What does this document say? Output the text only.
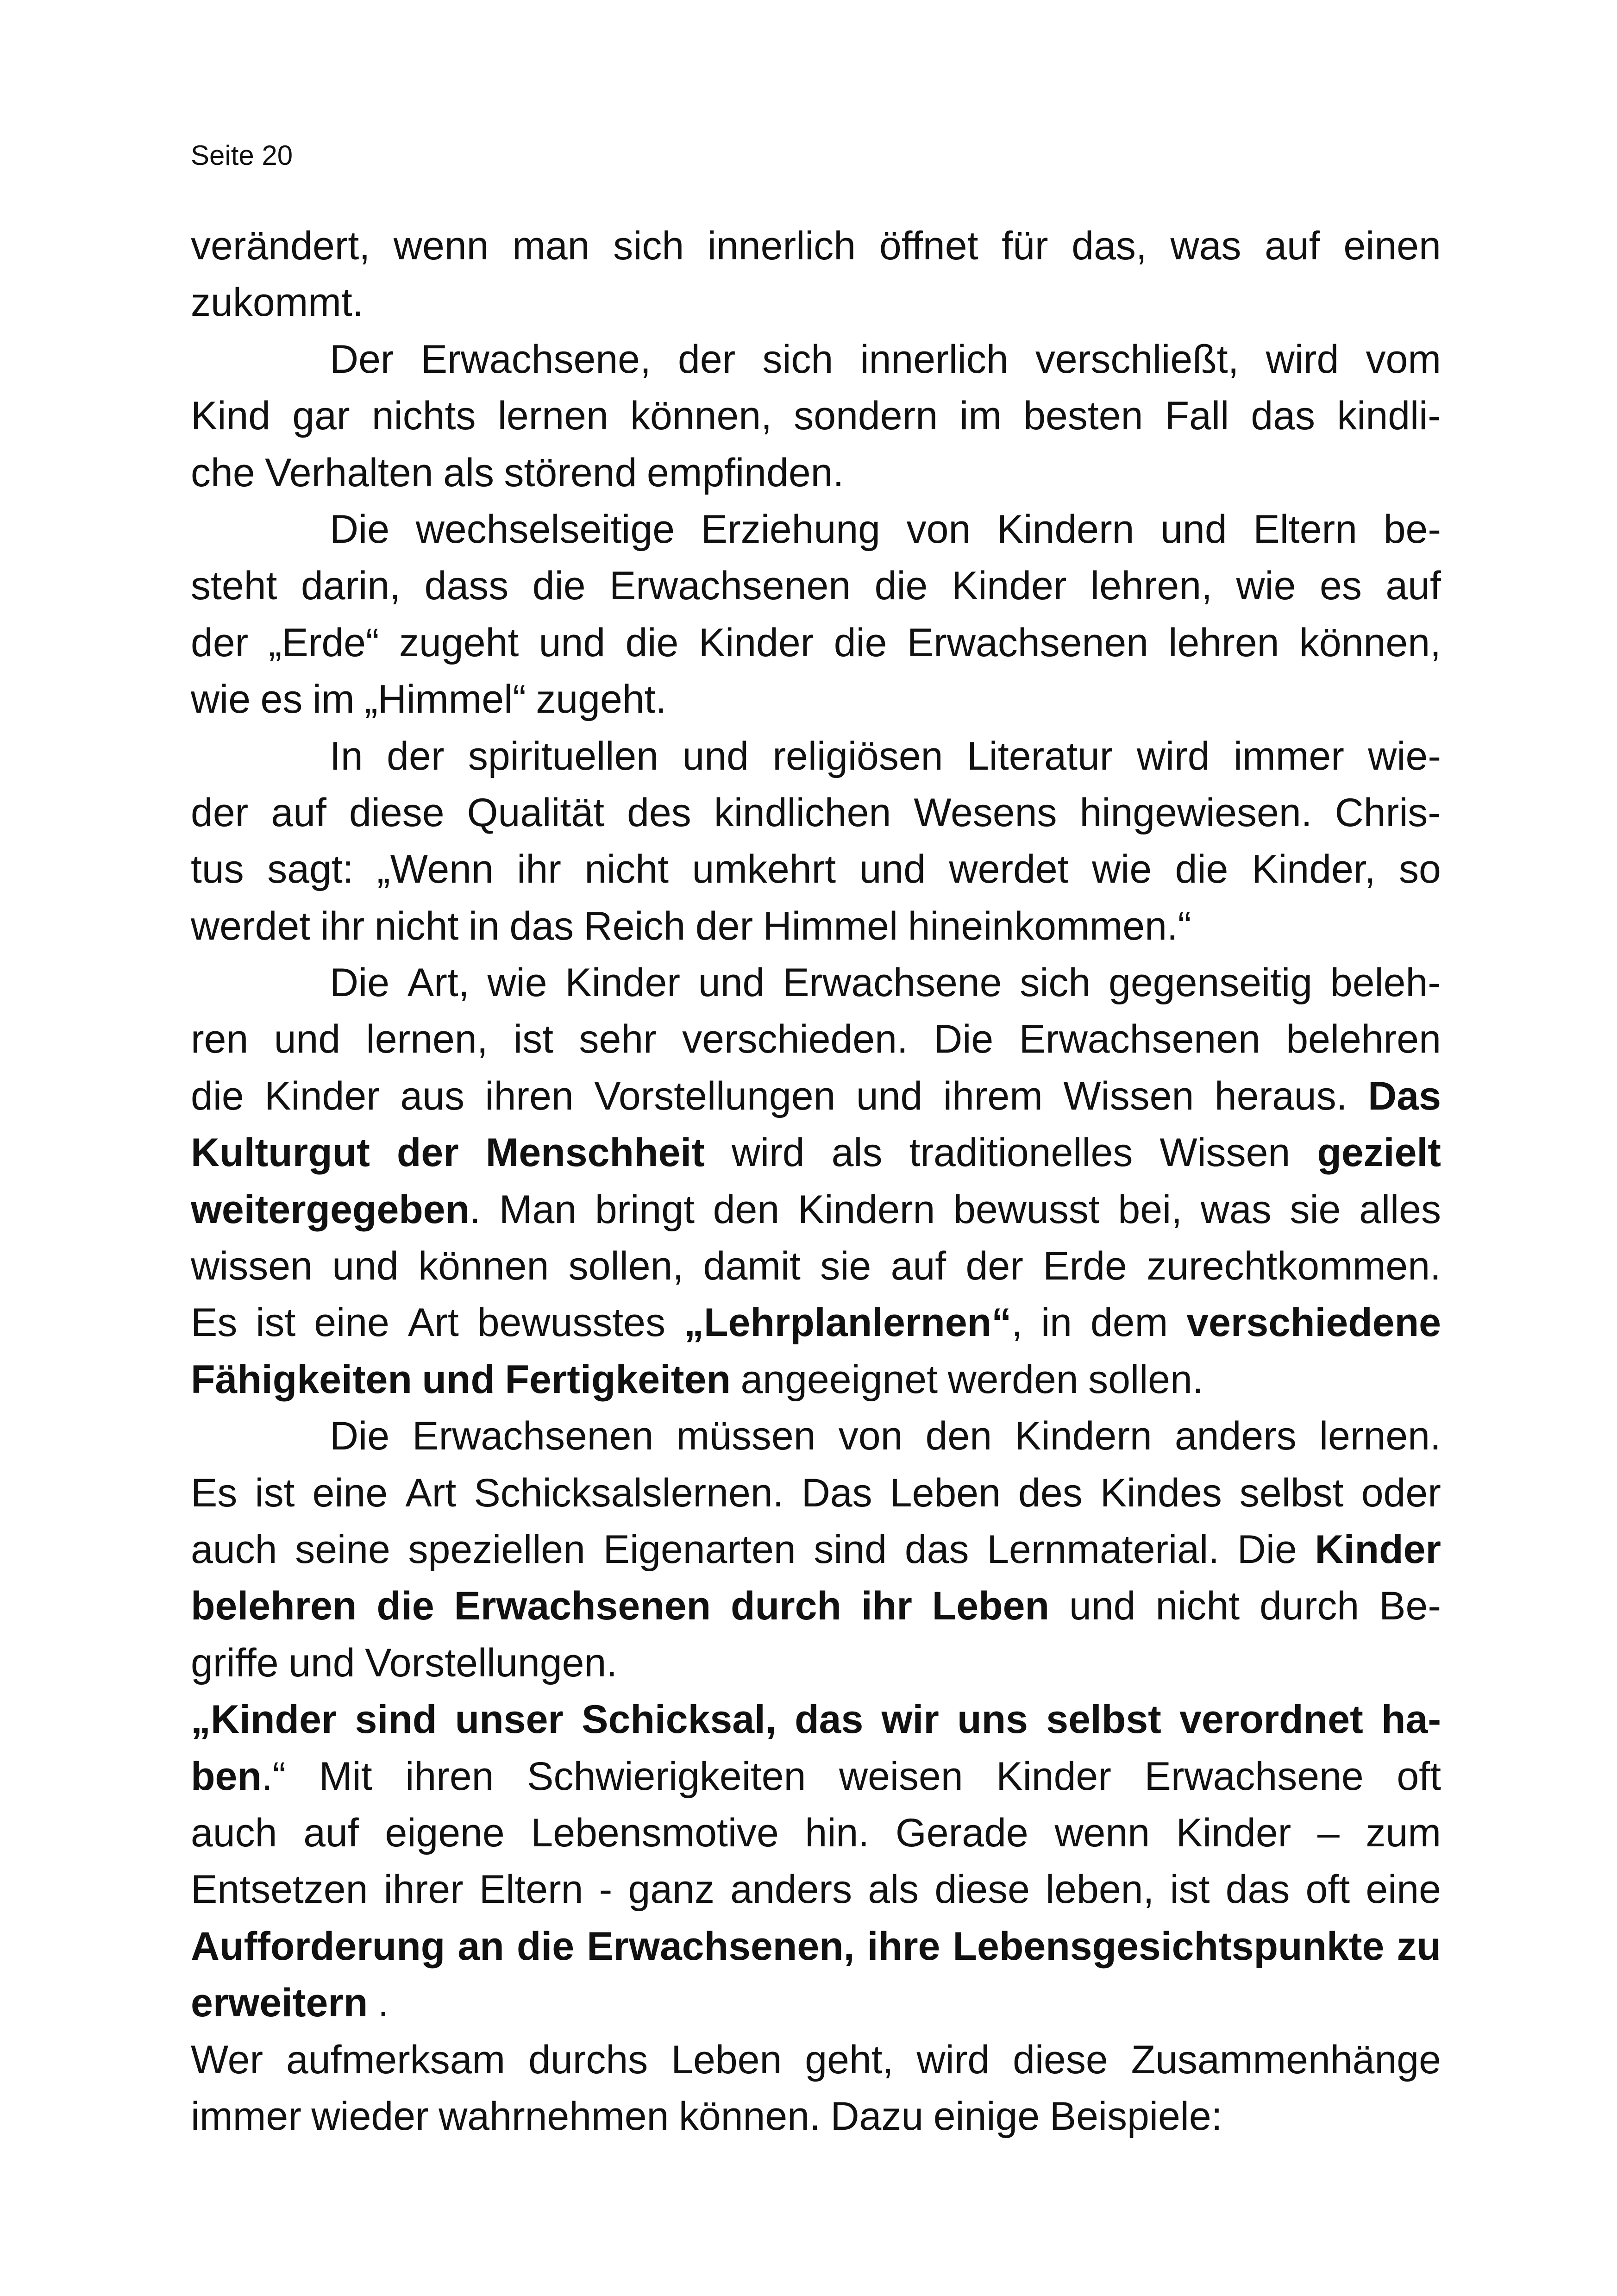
Seite 20
verändert, wenn man sich innerlich öffnet für das, was auf einen
zukommt.
Der Erwachsene, der sich innerlich verschließt, wird vom
Kind gar nichts lernen können, sondern im besten Fall das kindli-
che Verhalten als störend empfinden.
Die wechselseitige Erziehung von Kindern und Eltern be-
steht darin, dass die Erwachsenen die Kinder lehren, wie es auf
der „Erde“ zugeht und die Kinder die Erwachsenen lehren können,
wie es im „Himmel“ zugeht.
In der spirituellen und religiösen Literatur wird immer wie-
der auf diese Qualität des kindlichen Wesens hingewiesen. Chris-
tus sagt: „Wenn ihr nicht umkehrt und werdet wie die Kinder, so
werdet ihr nicht in das Reich der Himmel hineinkommen.“
Die Art, wie Kinder und Erwachsene sich gegenseitig beleh-
ren und lernen, ist sehr verschieden. Die Erwachsenen belehren
die Kinder aus ihren Vorstellungen und ihrem Wissen heraus. Das
Kulturgut der Menschheit wird als traditionelles Wissen gezielt
weitergegeben. Man bringt den Kindern bewusst bei, was sie alles
wissen und können sollen, damit sie auf der Erde zurechtkommen.
Es ist eine Art bewusstes „Lehrplanlernen“, in dem verschiedene
Fähigkeiten und Fertigkeiten angeeignet werden sollen.
Die Erwachsenen müssen von den Kindern anders lernen.
Es ist eine Art Schicksalslernen. Das Leben des Kindes selbst oder
auch seine speziellen Eigenarten sind das Lernmaterial. Die Kinder
belehren die Erwachsenen durch ihr Leben und nicht durch Be-
griffe und Vorstellungen.
„Kinder sind unser Schicksal, das wir uns selbst verordnet ha-
ben.“ Mit ihren Schwierigkeiten weisen Kinder Erwachsene oft
auch auf eigene Lebensmotive hin. Gerade wenn Kinder – zum
Entsetzen ihrer Eltern - ganz anders als diese leben, ist das oft eine
Aufforderung an die Erwachsenen, ihre Lebensgesichtspunkte zu
erweitern .
Wer aufmerksam durchs Leben geht, wird diese Zusammenhänge
immer wieder wahrnehmen können. Dazu einige Beispiele:
